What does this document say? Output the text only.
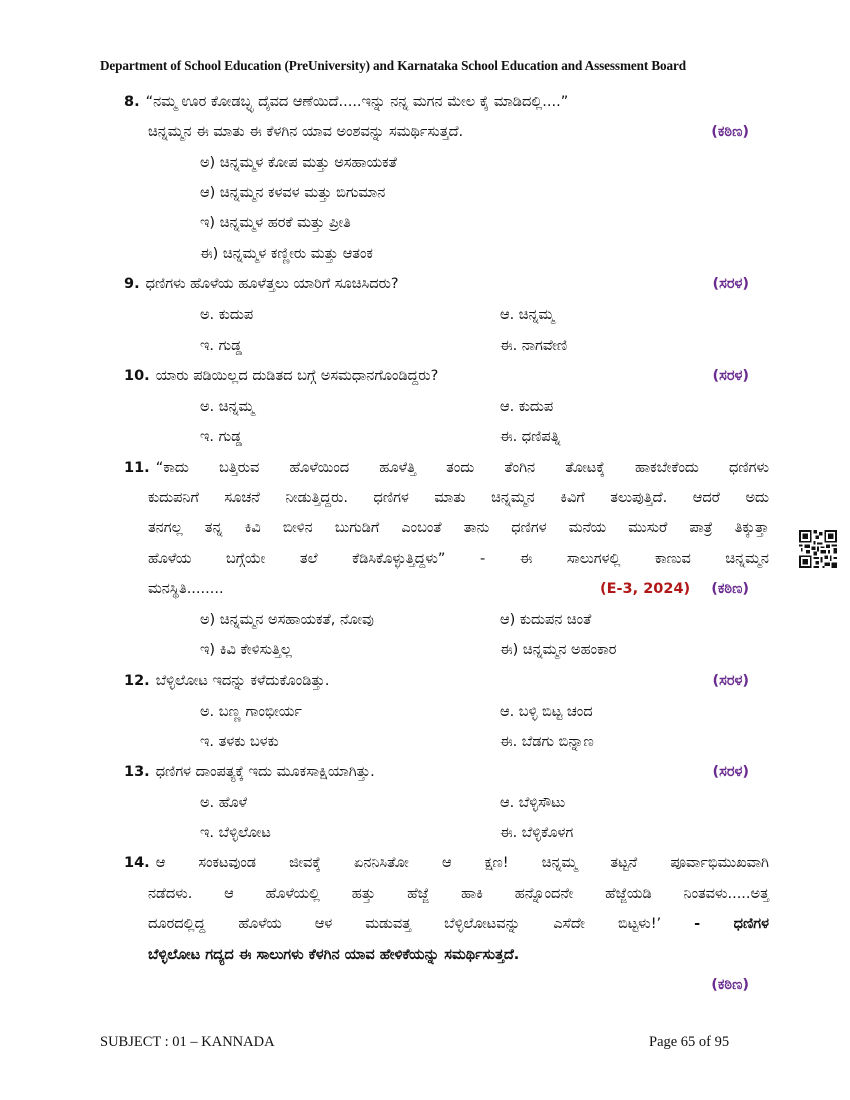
Department of School Education (PreUniversity) and Karnataka School Education and Assessment Board
8. “ನಮ್ಮ ಊರ ಕೋಡಬ್ಳ್ಳ ದೈವದ ಆಣೆಯಿದೆ.....ಇನ್ನು ನನ್ನ ಮಗನ ಮೇಲ ಕೈ ಮಾಡಿದಲ್ಲಿ....”
ಚಿನ್ನಮ್ಮನ ಈ ಮಾತು ಈ ಕೆಳಗಿನ ಯಾವ ಅಂಶವನ್ನು ಸಮರ್ಥಿಸುತ್ತದೆ.	(ಕಠಿಣ)
ಅ) ಚಿನ್ನಮ್ಮಳ ಕೋಪ ಮತ್ತು ಅಸಹಾಯಕತೆ
ಆ) ಚಿನ್ನಮ್ಮನ ಕಳವಳ ಮತ್ತು ಬಿಗುಮಾನ
ಇ) ಚಿನ್ನಮ್ಮಳ ಹರಕೆ ಮತ್ತು ಪ್ರೀತಿ
ಈ) ಚಿನ್ನಮ್ಮಳ ಕಣ್ಣೀರು ಮತ್ತು ಆತಂಕ
9. ಧಣಿಗಳು ಹೊಳೆಯ ಹೂಳೆತ್ತಲು ಯಾರಿಗೆ ಸೂಚಿಸಿದರು?	(ಸರಳ)
ಅ. ಕುದುಪ	ಆ. ಚಿನ್ನಮ್ಮ
ಇ. ಗುಡ್ಡ	ಈ. ನಾಗವೇಣಿ
10. ಯಾರು ಪಡಿಯಿಲ್ಲದ ದುಡಿತದ ಬಗ್ಗೆ ಅಸಮಧಾನಗೊಂಡಿದ್ದರು?	(ಸರಳ)
ಅ. ಚಿನ್ನಮ್ಮ	ಆ. ಕುದುಪ
ಇ. ಗುಡ್ಡ	ಈ. ಧಣಿಪತ್ನಿ
11. “ಕಾದು ಬತ್ತಿರುವ ಹೊಳೆಯಿಂದ ಹೂಳೆತ್ತಿ ತಂದು ತೆಂಗಿನ ತೋಟಕ್ಕೆ ಹಾಕಬೇಕೆಂದು ಧಣಿಗಳು
ಕುದುಪನಿಗೆ ಸೂಚನೆ ನೀಡುತ್ತಿದ್ದರು. ಧಣಿಗಳ ಮಾತು ಚಿನ್ನಮ್ಮನ ಕಿವಿಗೆ ತಲುಪುತ್ತಿದೆ. ಆದರೆ ಅದು
ತನಗಲ್ಲ ತನ್ನ ಕಿವಿ ಬೀಳಿನ ಬುಗುಡಿಗೆ ಎಂಬಂತೆ ತಾನು ಧಣಿಗಳ ಮನೆಯ ಮುಸುರೆ ಪಾತ್ರೆ ತಿಕ್ಕುತ್ತಾ
ಹೊಳೆಯ ಬಗ್ಗೆಯೇ ತಲೆ ಕೆಡಿಸಿಕೊಳ್ಳುತ್ತಿದ್ದಳು” - ಈ ಸಾಲುಗಳಲ್ಲಿ ಕಾಣುವ ಚಿನ್ನಮ್ಮನ
ಮನಸ್ಥಿತಿ........	(E-3, 2024) (ಕಠಿಣ)
ಅ) ಚಿನ್ನಮ್ಮನ ಅಸಹಾಯಕತೆ, ನೋವು	ಆ) ಕುದುಪನ ಚಿಂತೆ
ಇ) ಕಿವಿ ಕೇಳಿಸುತ್ತಿಲ್ಲ	ಈ) ಚಿನ್ನಮ್ಮನ ಅಹಂಕಾರ
12. ಬೆಳ್ಳಿಲೋಟ ಇದನ್ನು ಕಳೆದುಕೊಂಡಿತ್ತು.	(ಸರಳ)
ಅ. ಬಣ್ಣ ಗಾಂಭೀರ್ಯ	ಆ. ಬಳ್ಳಿ ಬಿಟ್ಟ ಚಂದ
ಇ. ತಳಕು ಬಳಕು	ಈ. ಬೆಡಗು ಬಿನ್ನಾಣ
13. ಧಣಿಗಳ ದಾಂಪತ್ಯಕ್ಕೆ ಇದು ಮೂಕಸಾಕ್ಷಿಯಾಗಿತ್ತು.	(ಸರಳ)
ಅ. ಹೊಳೆ	ಆ. ಬೆಳ್ಳಿಸೌಟು
ಇ. ಬೆಳ್ಳಿಲೋಟ	ಈ. ಬೆಳ್ಳಿಕೊಳಗ
14. ಆ ಸಂಕಟವುಂಡ ಜೀವಕ್ಕೆ ಏನನಿಸಿತೋ ಆ ಕ್ಷಣ! ಚಿನ್ನಮ್ಮ ತಟ್ಟನೆ ಪೂರ್ವಾಭಿಮುಖವಾಗಿ
ನಡೆದಳು. ಆ ಹೊಳೆಯಲ್ಲಿ ಹತ್ತು ಹೆಜ್ಜೆ ಹಾಕಿ ಹನ್ನೊಂದನೇ ಹೆಜ್ಜೆಯಡಿ ನಿಂತವಳು.....ಅತ್ತ
ದೂರದಲ್ಲಿದ್ದ ಹೊಳೆಯ ಆಳ ಮಡುವತ್ತ ಬೆಳ್ಳಿಲೋಟವನ್ನು ಎಸೆದೇ ಬಿಟ್ಟಳು!’ - ಧಣಿಗಳ
ಬೆಳ್ಳಿಲೋಟ ಗದ್ಯದ ಈ ಸಾಲುಗಳು ಕೆಳಗಿನ ಯಾವ ಹೇಳಿಕೆಯನ್ನು ಸಮರ್ಥಿಸುತ್ತದೆ.
(ಕಠಿಣ)
SUBJECT : 01 – KANNADA	Page 65 of 95
